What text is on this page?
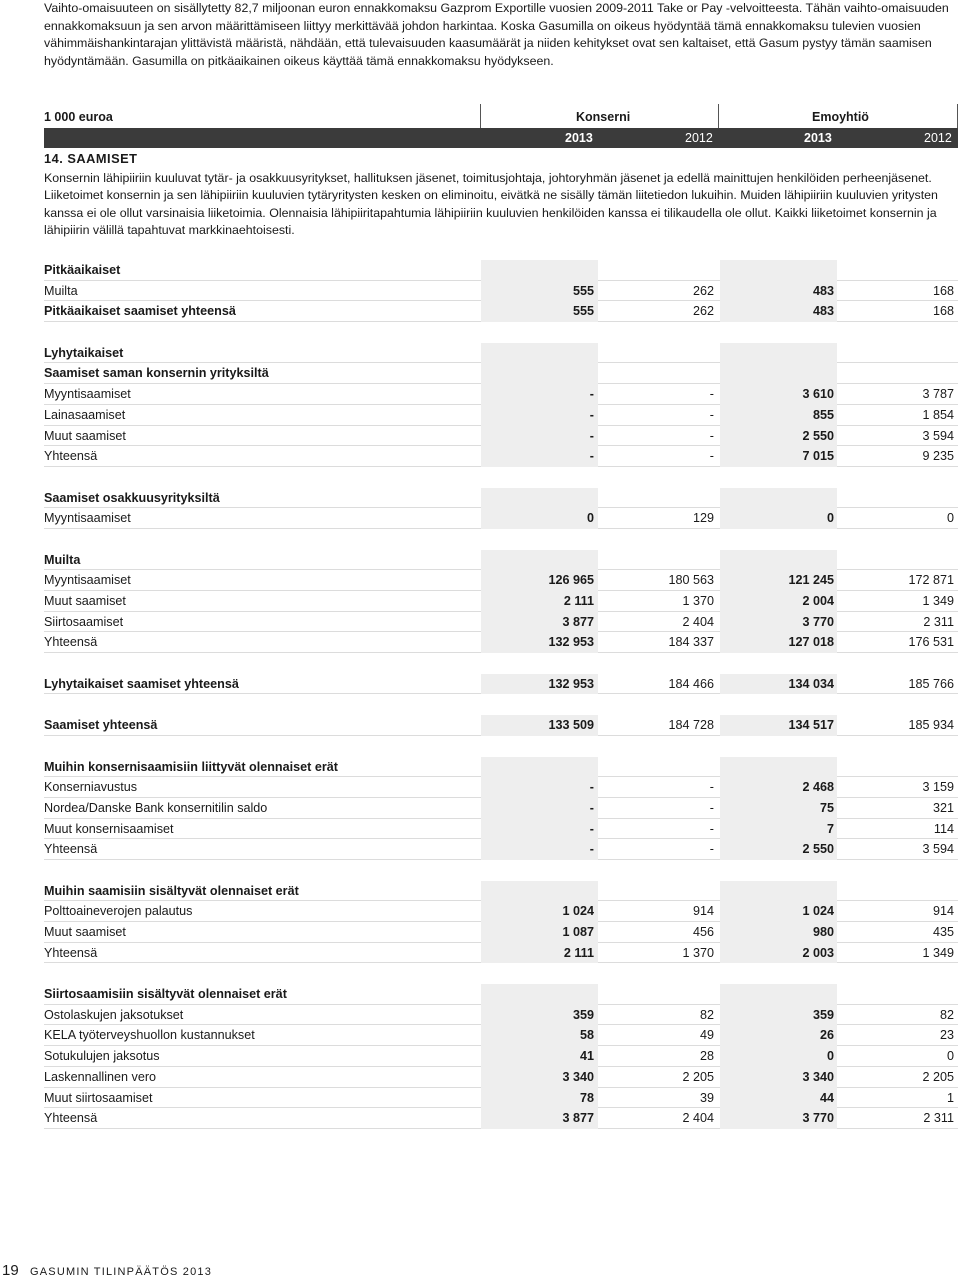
Vaihto-omaisuuteen on sisällytetty 82,7 miljoonan euron ennakkomaksu Gazprom Exportille vuosien 2009-2011 Take or Pay -velvoitteesta. Tähän vaihto-omaisuuden ennakkomaksuun ja sen arvon määrittämiseen liittyy merkittävää johdon harkintaa. Koska Gasumilla on oikeus hyödyntää tämä ennakkomaksu tulevien vuosien vähimmäishankintarajan ylittävistä määristä, nähdään, että tulevaisuuden kaasumäärät ja niiden kehitykset ovat sen kaltaiset, että Gasum pystyy tämän saamisen hyödyntämään. Gasumilla on pitkäaikainen oikeus käyttää tämä ennakkomaksu hyödykseen.

1 000 euroa	Konserni	Emoyhtiö
2013	2012	2013	2012
14. SAAMISET

Konsernin lähipiiriin kuuluvat tytär- ja osakkuusyritykset, hallituksen jäsenet, toimitusjohtaja, johtoryhmän jäsenet ja edellä mainittujen henkilöiden perheenjäsenet. Liiketoimet konsernin ja sen lähipiiriin kuuluvien tytäryritysten kesken on eliminoitu, eivätkä ne sisälly tämän liitetiedon lukuihin. Muiden lähipiiriin kuuluvien yritysten kanssa ei ole ollut varsinaisia liiketoimia. Olennaisia lähipiiritapahtumia lähipiiriin kuuluvien henkilöiden kanssa ei tilikaudella ole ollut. Kaikki liiketoimet konsernin ja lähipiirin välillä tapahtuvat markkinaehtoisesti.

Pitkäaikaiset
Muilta	555	262	483	168
Pitkäaikaiset saamiset yhteensä	555	262	483	168
Lyhytaikaiset
Saamiset saman konsernin yrityksiltä
Myyntisaamiset	-	-	3 610	3 787
Lainasaamiset	-	-	855	1 854
Muut saamiset	-	-	2 550	3 594
Yhteensä	-	-	7 015	9 235
Saamiset osakkuusyrityksiltä
Myyntisaamiset	0	129	0	0
Muilta
Myyntisaamiset	126 965	180 563	121 245	172 871
Muut saamiset	2 111	1 370	2 004	1 349
Siirtosaamiset	3 877	2 404	3 770	2 311
Yhteensä	132 953	184 337	127 018	176 531
Lyhytaikaiset saamiset yhteensä	132 953	184 466	134 034	185 766
Saamiset yhteensä	133 509	184 728	134 517	185 934
Muihin konsernisaamisiin liittyvät olennaiset erät
Konserniavustus	-	-	2 468	3 159
Nordea/Danske Bank konsernitilin saldo	-	-	75	321
Muut konsernisaamiset	-	-	7	114
Yhteensä	-	-	2 550	3 594
Muihin saamisiin sisältyvät olennaiset erät
Polttoaineverojen palautus	1 024	914	1 024	914
Muut saamiset	1 087	456	980	435
Yhteensä	2 111	1 370	2 003	1 349
Siirtosaamisiin sisältyvät olennaiset erät
Ostolaskujen jaksotukset	359	82	359	82
KELA työterveyshuollon kustannukset	58	49	26	23
Sotukulujen jaksotus	41	28	0	0
Laskennallinen vero	3 340	2 205	3 340	2 205
Muut siirtosaamiset	78	39	44	1
Yhteensä	3 877	2 404	3 770	2 311
19 GASUMIN TILINPÄÄTÖS 2013
